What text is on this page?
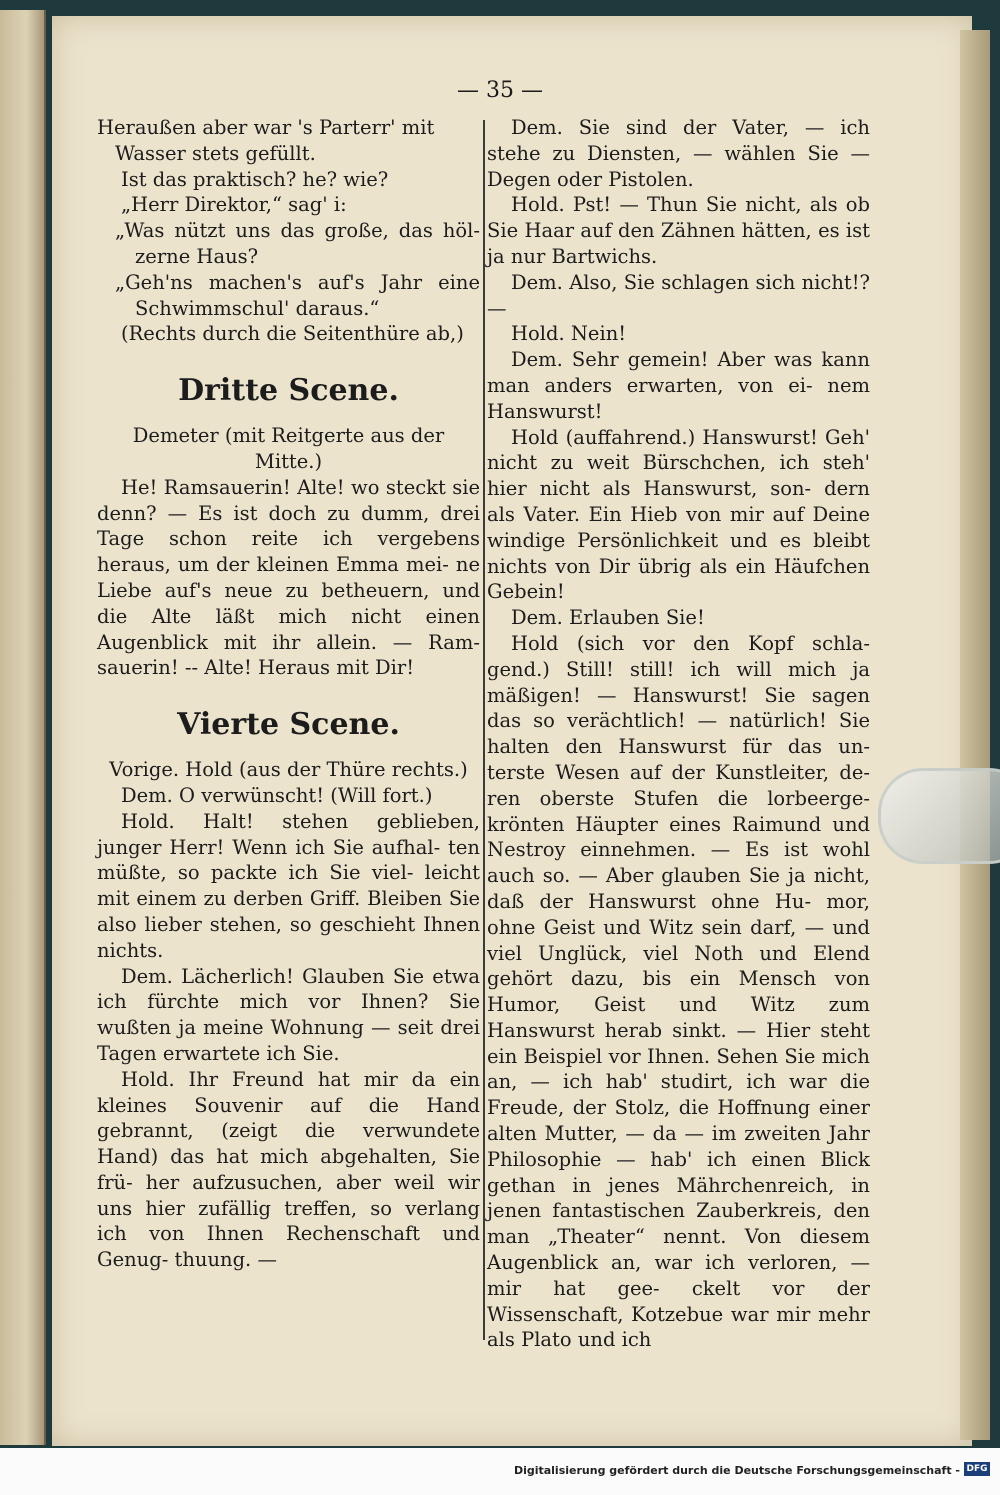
— 35 —

Heraußen aber war 's Parterr' mit

Wasser stets gefüllt.

Ist das praktisch? he? wie?

„Herr Direktor,“ sag' i:

„Was nützt uns das große, das höl- zerne Haus?

„Geh'ns machen's auf's Jahr eine Schwimmschul' daraus.“

(Rechts durch die Seitenthüre ab,)

Dritte Scene.

Demeter (mit Reitgerte aus der Mitte.)

He! Ramsauerin! Alte! wo steckt sie denn? — Es ist doch zu dumm, drei Tage schon reite ich vergebens heraus, um der kleinen Emma mei- ne Liebe auf's neue zu betheuern, und die Alte läßt mich nicht einen Augenblick mit ihr allein. — Ram- sauerin! -- Alte! Heraus mit Dir!

Vierte Scene.

Vorige. Hold (aus der Thüre rechts.)

Dem. O verwünscht! (Will fort.)

Hold. Halt! stehen geblieben, junger Herr! Wenn ich Sie aufhal- ten müßte, so packte ich Sie viel- leicht mit einem zu derben Griff. Bleiben Sie also lieber stehen, so geschieht Ihnen nichts.

Dem. Lächerlich! Glauben Sie etwa ich fürchte mich vor Ihnen? Sie wußten ja meine Wohnung — seit drei Tagen erwartete ich Sie.

Hold. Ihr Freund hat mir da ein kleines Souvenir auf die Hand gebrannt, (zeigt die verwundete Hand) das hat mich abgehalten, Sie frü- her aufzusuchen, aber weil wir uns hier zufällig treffen, so verlang ich von Ihnen Rechenschaft und Genug- thuung. —

Dem. Sie sind der Vater, — ich stehe zu Diensten, — wählen Sie — Degen oder Pistolen.

Hold. Pst! — Thun Sie nicht, als ob Sie Haar auf den Zähnen hätten, es ist ja nur Bartwichs.

Dem. Also, Sie schlagen sich nicht!? —

Hold. Nein!

Dem. Sehr gemein! Aber was kann man anders erwarten, von ei- nem Hanswurst!

Hold (auffahrend.) Hanswurst! Geh' nicht zu weit Bürschchen, ich steh' hier nicht als Hanswurst, son- dern als Vater. Ein Hieb von mir auf Deine windige Persönlichkeit und es bleibt nichts von Dir übrig als ein Häufchen Gebein!

Dem. Erlauben Sie!

Hold (sich vor den Kopf schla- gend.) Still! still! ich will mich ja mäßigen! — Hanswurst! Sie sagen das so verächtlich! — natürlich! Sie halten den Hanswurst für das un- terste Wesen auf der Kunstleiter, de- ren oberste Stufen die lorbeerge- krönten Häupter eines Raimund und Nestroy einnehmen. — Es ist wohl auch so. — Aber glauben Sie ja nicht, daß der Hanswurst ohne Hu- mor, ohne Geist und Witz sein darf, — und viel Unglück, viel Noth und Elend gehört dazu, bis ein Mensch von Humor, Geist und Witz zum Hanswurst herab sinkt. — Hier steht ein Beispiel vor Ihnen. Sehen Sie mich an, — ich hab' studirt, ich war die Freude, der Stolz, die Hoffnung einer alten Mutter, — da — im zweiten Jahr Philosophie — hab' ich einen Blick gethan in jenes Mährchenreich, in jenen fantastischen Zauberkreis, den man „Theater“ nennt. Von diesem Augenblick an, war ich verloren, — mir hat gee- ckelt vor der Wissenschaft, Kotzebue war mir mehr als Plato und ich

Digitalisierung gefördert durch die Deutsche Forschungsgemeinschaft - DFG
